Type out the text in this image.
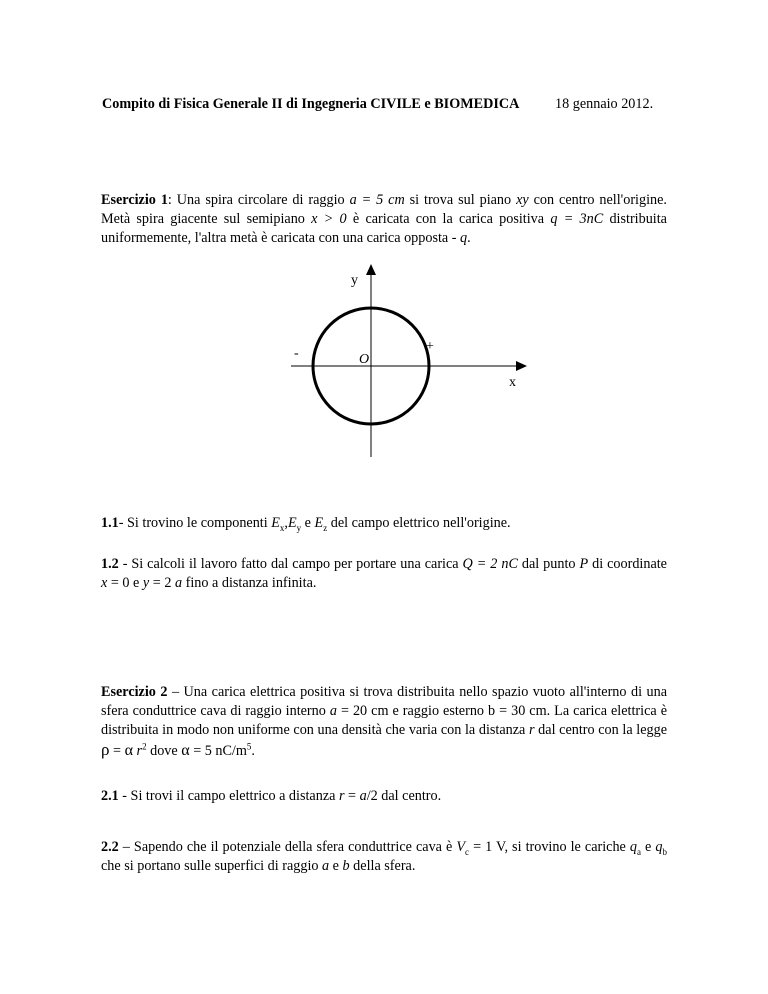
Compito di Fisica Generale II di Ingegneria CIVILE e BIOMEDICA	18 gennaio 2012.
Esercizio 1: Una spira circolare di raggio a = 5 cm si trova sul piano xy con centro nell'origine. Metà spira giacente sul semipiano x > 0 è caricata con la carica positiva q = 3nC distribuita uniformemente, l'altra metà è caricata con una carica opposta - q.
y
x
O
+
-
1.1- Si trovino le componenti $E_x,E_y$ e $E_z$ del campo elettrico nell'origine.
1.2 - Si calcoli il lavoro fatto dal campo per portare una carica Q = 2 nC dal punto P di coordinate x = 0 e y = 2 a fino a distanza infinita.
Esercizio 2 – Una carica elettrica positiva si trova distribuita nello spazio vuoto all'interno di una sfera conduttrice cava di raggio interno a = 20 cm e raggio esterno b = 30 cm. La carica elettrica è distribuita in modo non uniforme con una densità che varia con la distanza r dal centro con la legge ρ = α $r^2$ dove α = 5 $nC/m^5$.
2.1 - Si trovi il campo elettrico a distanza r = a/2 dal centro.
2.2 – Sapendo che il potenziale della sfera conduttrice cava è $V_c = 1$ V, si trovino le cariche $q_a$ e $q_b$ che si portano sulle superfici di raggio a e b della sfera.
